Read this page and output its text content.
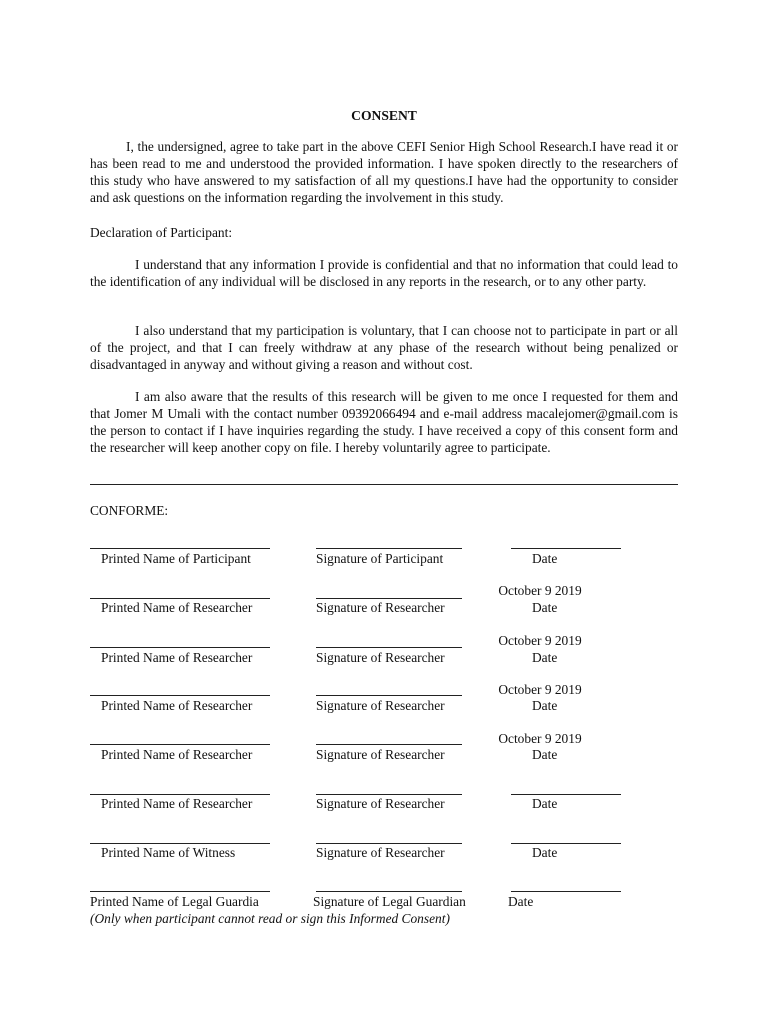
CONSENT

I, the undersigned, agree to take part in the above CEFI Senior High School Research.I have read it or has been read to me and understood the provided information. I have spoken directly to the researchers of this study who have answered to my satisfaction of all my questions.I have had the opportunity to consider and ask questions on the information regarding the involvement in this study.

Declaration of Participant:

I understand that any information I provide is confidential and that no information that could lead to the identification of any individual will be disclosed in any reports in the research, or to any other party.

I also understand that my participation is voluntary, that I can choose not to participate in part or all of the project, and that I can freely withdraw at any phase of the research without being penalized or disadvantaged in anyway and without giving a reason and without cost.

I am also aware that the results of this research will be given to me once I requested for them and that Jomer M Umali with the contact number 09392066494 and e-mail address macalejomer@gmail.com is the person to contact if I have inquiries regarding the study. I have received a copy of this consent form and the researcher will keep another copy on file. I hereby voluntarily agree to participate.

CONFORME:

Printed Name of Participant	Signature of Participant	Date
October 9 2019
Printed Name of Researcher	Signature of Researcher	Date
October 9 2019
Printed Name of Researcher	Signature of Researcher	Date
October 9 2019
Printed Name of Researcher	Signature of Researcher	Date
October 9 2019
Printed Name of Researcher	Signature of Researcher	Date
Printed Name of Researcher	Signature of Researcher	Date
Printed Name of Witness	Signature of Researcher	Date
Printed Name of Legal Guardia	Signature of Legal Guardian	Date
(Only when participant cannot read or sign this Informed Consent)
